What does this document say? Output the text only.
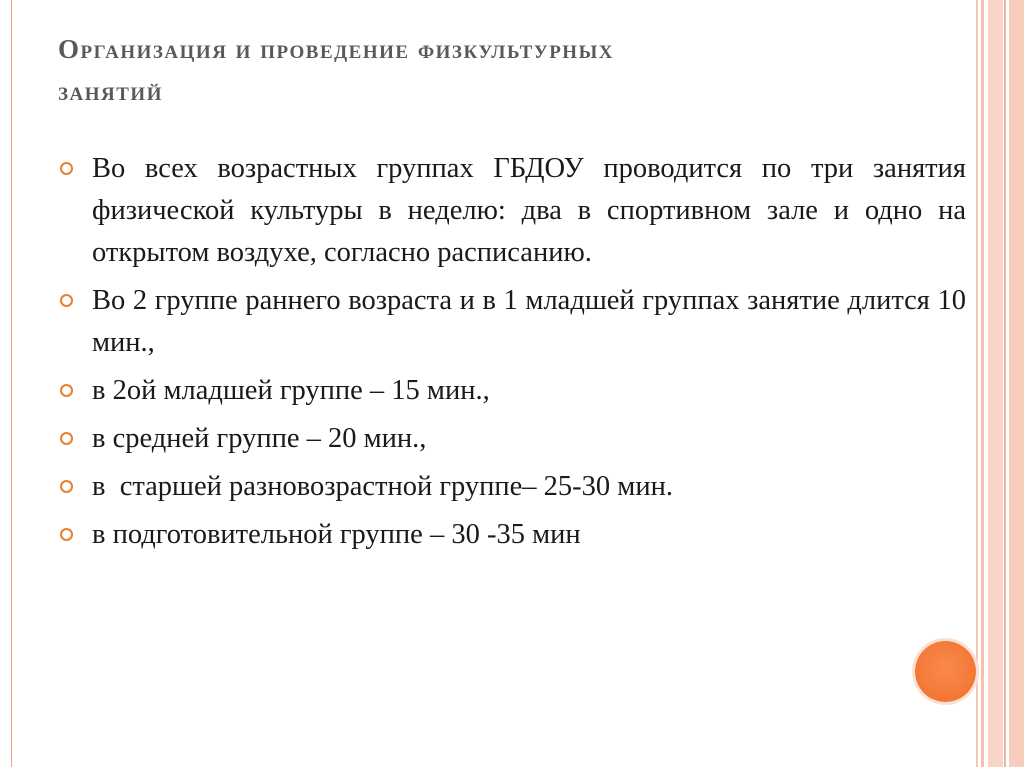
Организация и проведение физкультурных
занятий
Во всех возрастных группах ГБДОУ проводится по три занятия физической культуры в неделю: два в спортивном зале и одно на открытом воздухе, согласно расписанию.
Во 2 группе раннего возраста и в 1 младшей группах занятие длится 10 мин.,
в 2ой младшей группе – 15 мин.,
в средней группе – 20 мин.,
в  старшей разновозрастной группе– 25-30 мин.
в подготовительной группе – 30 -35 мин
